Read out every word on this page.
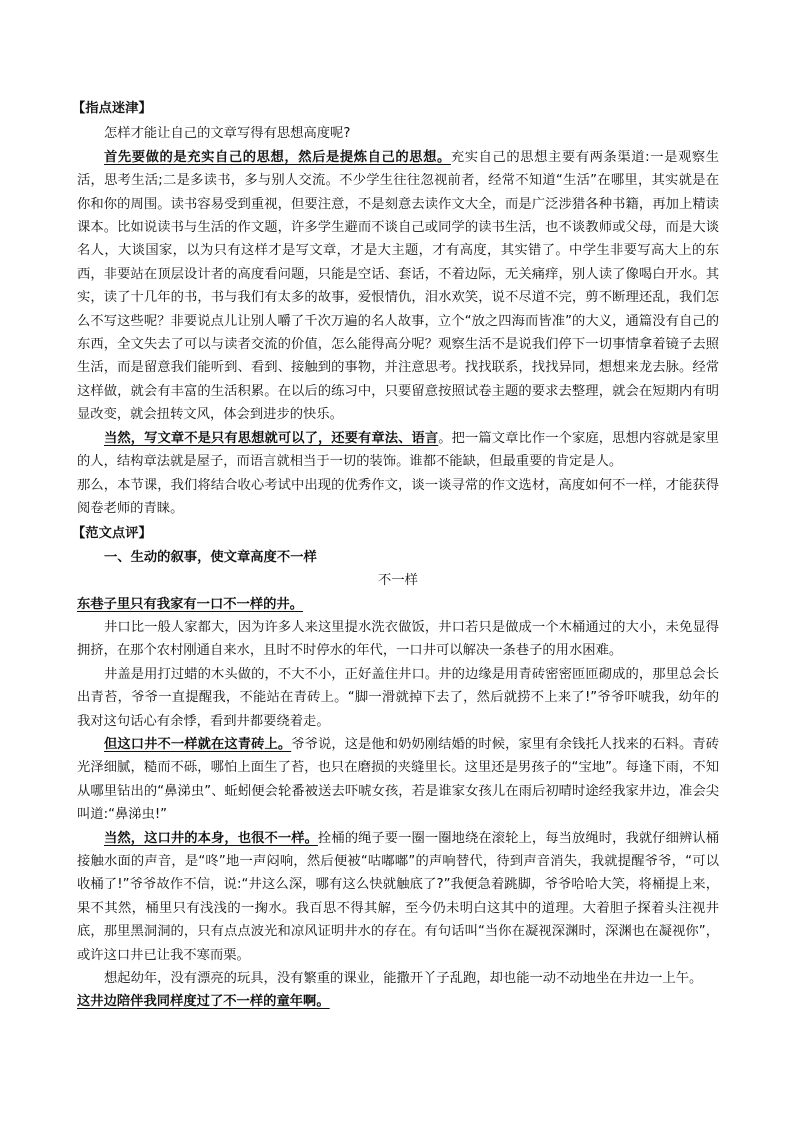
【指点迷津】

怎样才能让自己的文章写得有思想高度呢?

首先要做的是充实自己的思想，然后是提炼自己的思想。充实自己的思想主要有两条渠道:一是观察生活，思考生活;二是多读书，多与别人交流。不少学生往往忽视前者，经常不知道“生活”在哪里，其实就是在你和你的周围。读书容易受到重视，但要注意，不是刻意去读作文大全，而是广泛涉猎各种书籍，再加上精读课本。比如说读书与生活的作文题，许多学生避而不谈自己或同学的读书生活，也不谈教师或父母，而是大谈名人，大谈国家，以为只有这样才是写文章，才是大主题，才有高度，其实错了。中学生非要写高大上的东西，非要站在顶层设计者的高度看问题，只能是空话、套话，不着边际，无关痛痒，别人读了像喝白开水。其实，读了十几年的书，书与我们有太多的故事，爱恨情仇，泪水欢笑，说不尽道不完，剪不断理还乱，我们怎么不写这些呢？非要说点儿让别人嚼了千次万遍的名人故事，立个“放之四海而皆准”的大义，通篇没有自己的东西，全文失去了可以与读者交流的价值，怎么能得高分呢？观察生活不是说我们停下一切事情拿着镜子去照生活，而是留意我们能听到、看到、接触到的事物，并注意思考。找找联系，找找异同，想想来龙去脉。经常这样做，就会有丰富的生活积累。在以后的练习中，只要留意按照试卷主题的要求去整理，就会在短期内有明显改变，就会扭转文风，体会到进步的快乐。

当然，写文章不是只有思想就可以了，还要有章法、语言。把一篇文章比作一个家庭，思想内容就是家里的人，结构章法就是屋子，而语言就相当于一切的装饰。谁都不能缺，但最重要的肯定是人。

那么，本节课，我们将结合收心考试中出现的优秀作文，谈一谈寻常的作文选材，高度如何不一样，才能获得阅卷老师的青睐。

【范文点评】

一、生动的叙事，使文章高度不一样

不一样

东巷子里只有我家有一口不一样的井。

井口比一般人家都大，因为许多人来这里提水洗衣做饭，井口若只是做成一个木桶通过的大小，未免显得拥挤，在那个农村刚通自来水，且时不时停水的年代，一口井可以解决一条巷子的用水困难。

井盖是用打过蜡的木头做的，不大不小，正好盖住井口。井的边缘是用青砖密密匝匝砌成的，那里总会长出青苔，爷爷一直提醒我，不能站在青砖上。“脚一滑就掉下去了，然后就捞不上来了!”爷爷吓唬我，幼年的我对这句话心有余悸，看到井都要绕着走。

但这口井不一样就在这青砖上。爷爷说，这是他和奶奶刚结婚的时候，家里有余钱托人找来的石料。青砖光泽细腻，糙而不砾，哪怕上面生了苔，也只在磨损的夹缝里长。这里还是男孩子的“宝地”。每逢下雨，不知从哪里钻出的“鼻涕虫”、蚯蚓便会轮番被送去吓唬女孩，若是谁家女孩儿在雨后初晴时途经我家井边，准会尖叫道:“鼻涕虫!”

当然，这口井的本身，也很不一样。拴桶的绳子要一圈一圈地绕在滚轮上，每当放绳时，我就仔细辨认桶接触水面的声音，是“咚”地一声闷响，然后便被“咕嘟嘟”的声响替代，待到声音消失，我就提醒爷爷，“可以收桶了!”爷爷故作不信，说:“井这么深，哪有这么快就触底了?”我便急着跳脚，爷爷哈哈大笑，将桶提上来，果不其然，桶里只有浅浅的一掬水。我百思不得其解，至今仍未明白这其中的道理。大着胆子探着头注视井底，那里黑洞洞的，只有点点波光和凉风证明井水的存在。有句话叫“当你在凝视深渊时，深渊也在凝视你”，或许这口井已让我不寒而栗。

想起幼年，没有漂亮的玩具，没有繁重的课业，能撒开丫子乱跑，却也能一动不动地坐在井边一上午。

这井边陪伴我同样度过了不一样的童年啊。
